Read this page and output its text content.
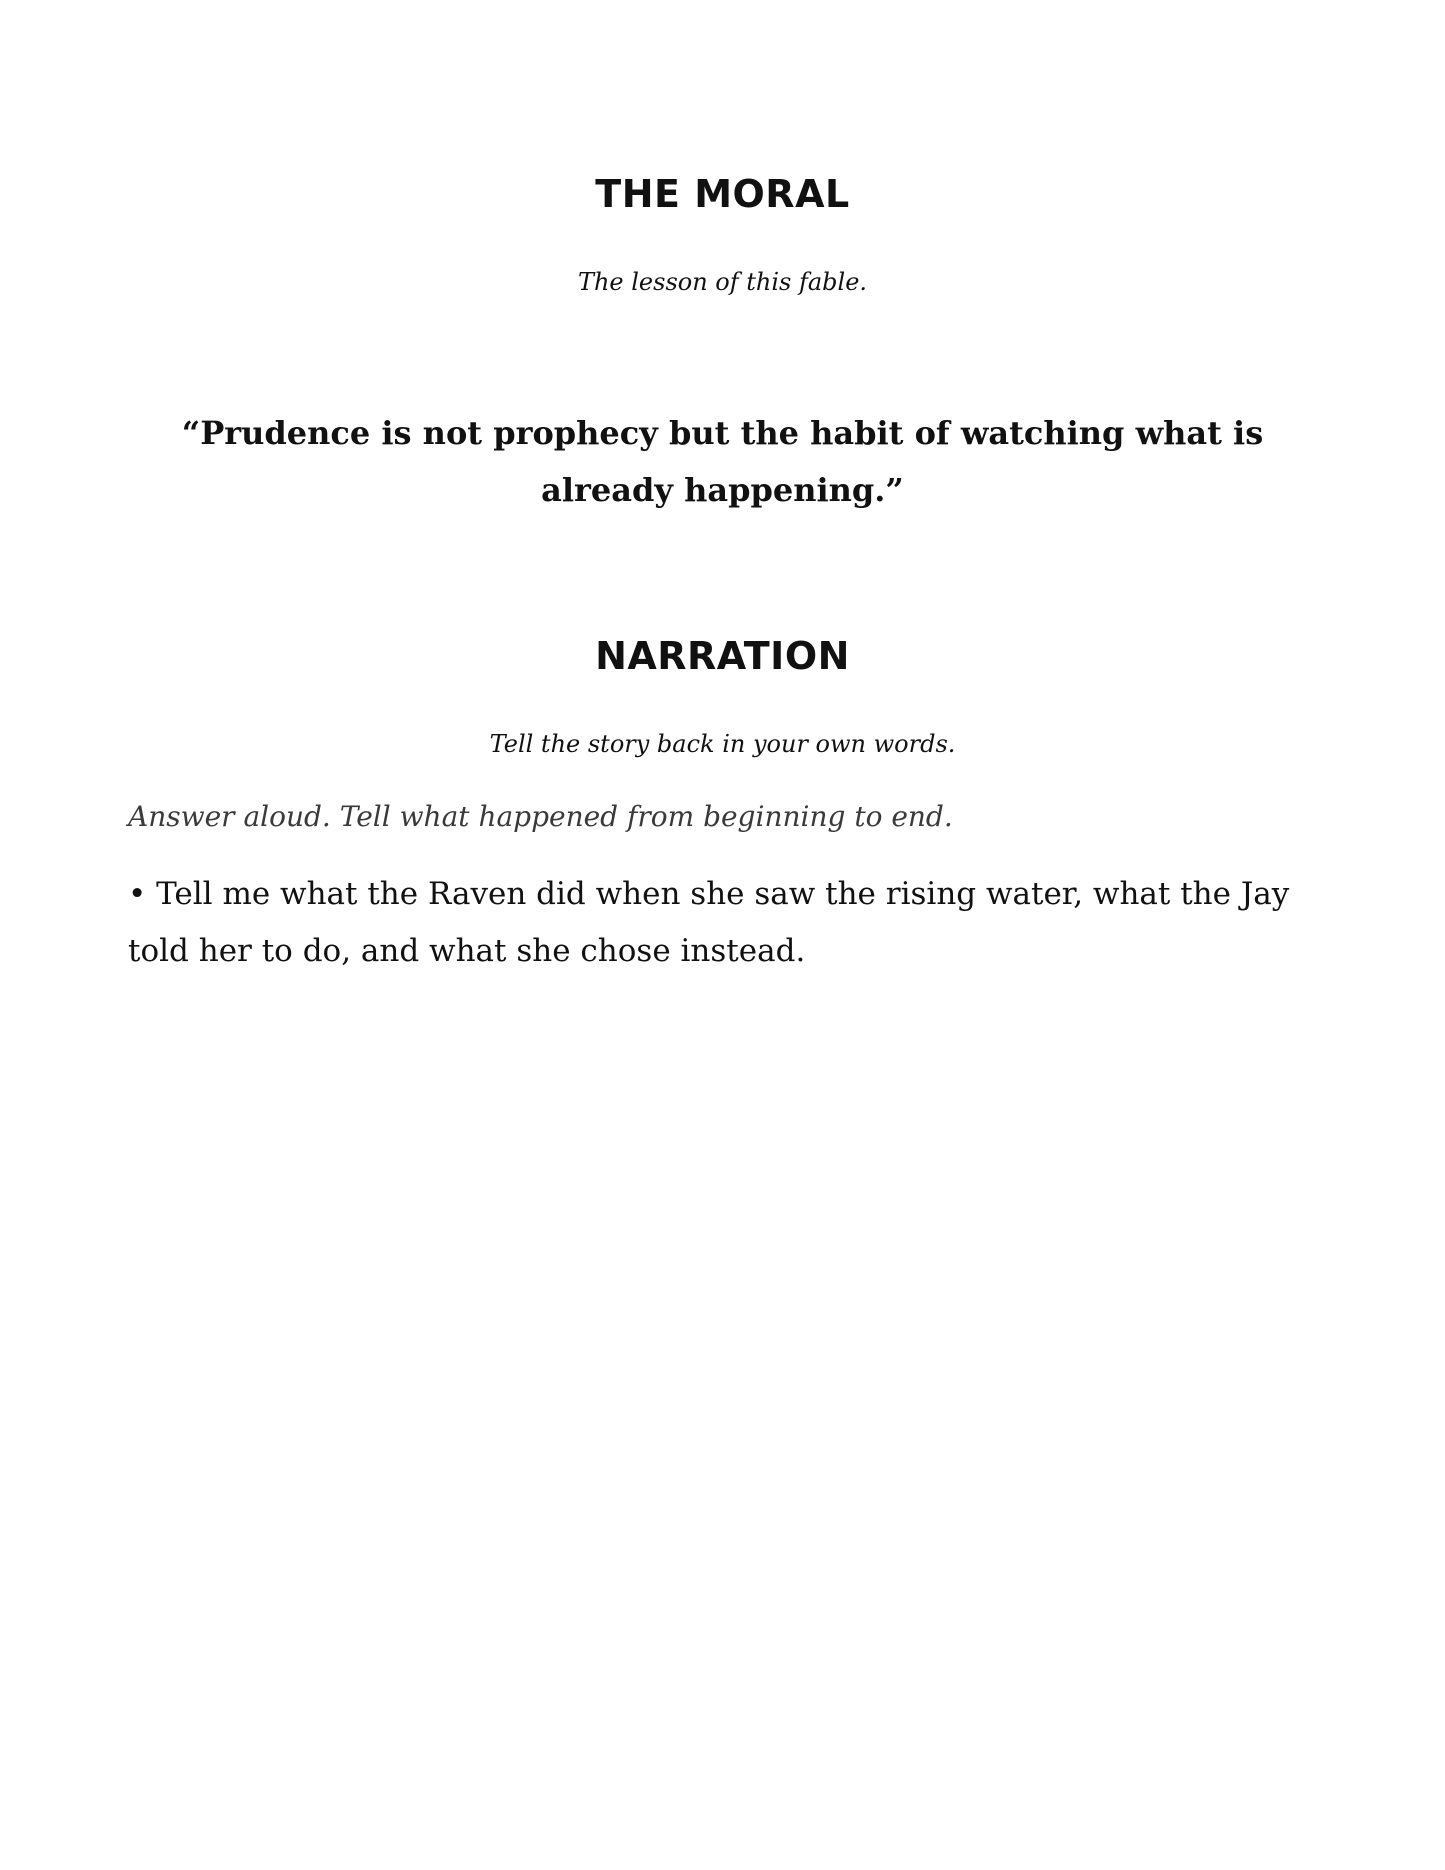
THE MORAL
The lesson of this fable.
“Prudence is not prophecy but the habit of watching what is already happening.”
NARRATION
Tell the story back in your own words.
Answer aloud. Tell what happened from beginning to end.
• Tell me what the Raven did when she saw the rising water, what the Jay told her to do, and what she chose instead.
